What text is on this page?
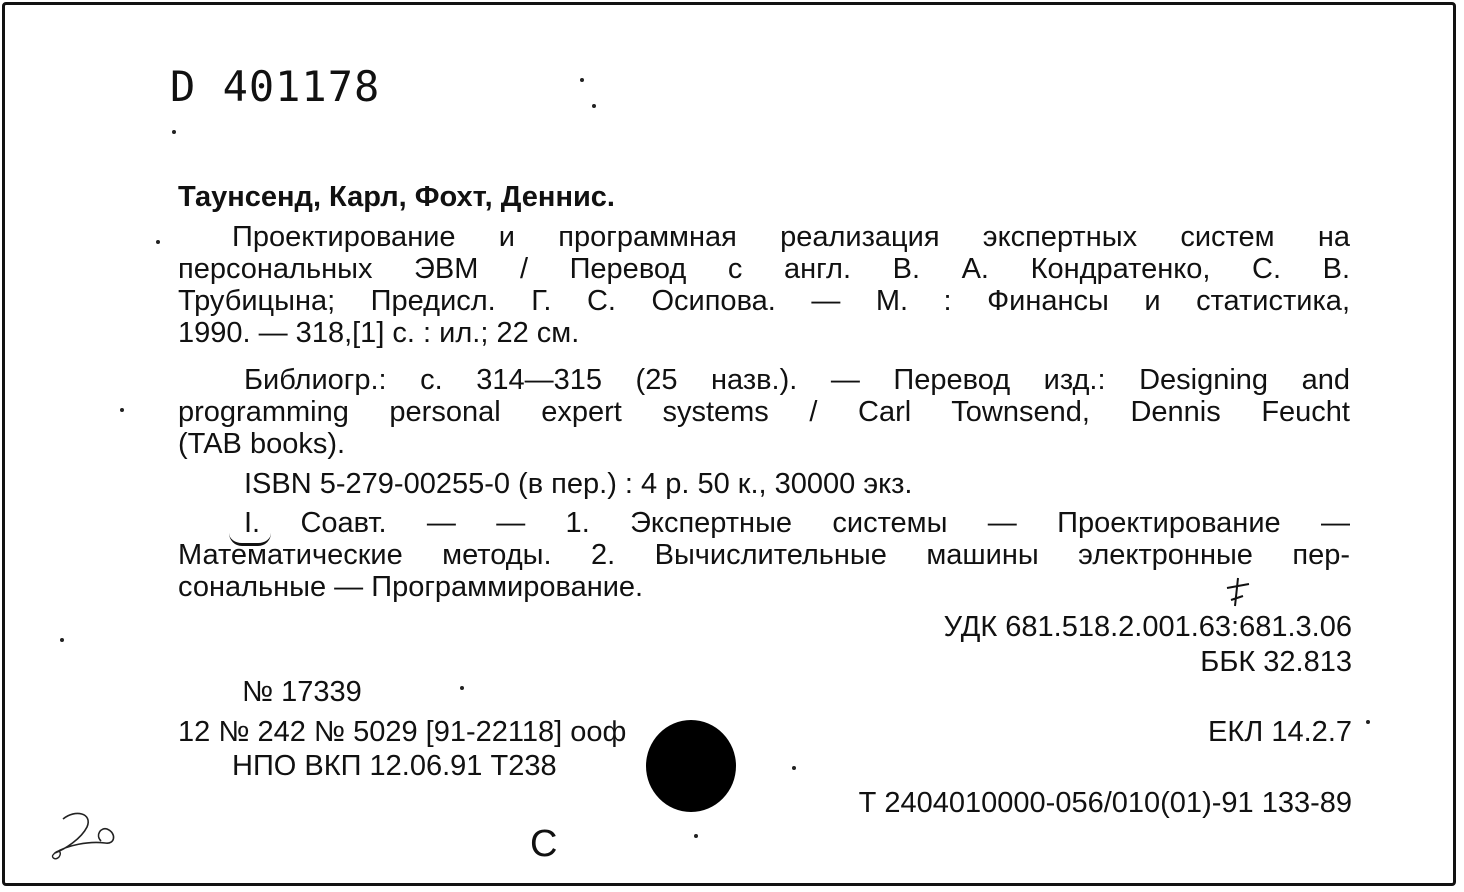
D 401178
Таунсенд, Карл, Фохт, Деннис.
Проектирование и программная реализация экспертных систем на
персональных ЭВМ / Перевод с англ. В. А. Кондратенко, С. В.
Трубицына; Предисл. Г. С. Осипова. — М. : Финансы и статистика,
1990. — 318,[1] с. : ил.; 22 см.
Библиогр.: с. 314—315 (25 назв.). — Перевод изд.: Designing and
programming personal expert systems / Carl Townsend, Dennis Feucht
(TAB books).
ISBN 5-279-00255-0 (в пер.) : 4 р. 50 к., 30000 экз.
I. Соавт. — — 1. Экспертные системы — Проектирование —
Математические методы. 2. Вычислительные машины электронные пер-
сональные — Программирование.
УДК 681.518.2.001.63:681.3.06
ББК 32.813
ЕКЛ 14.2.7
Т 2404010000-056/010(01)-91 133-89
№ 17339
12 № 242 № 5029 [91-22118] ооф
НПО ВКП 12.06.91 Т238
С
